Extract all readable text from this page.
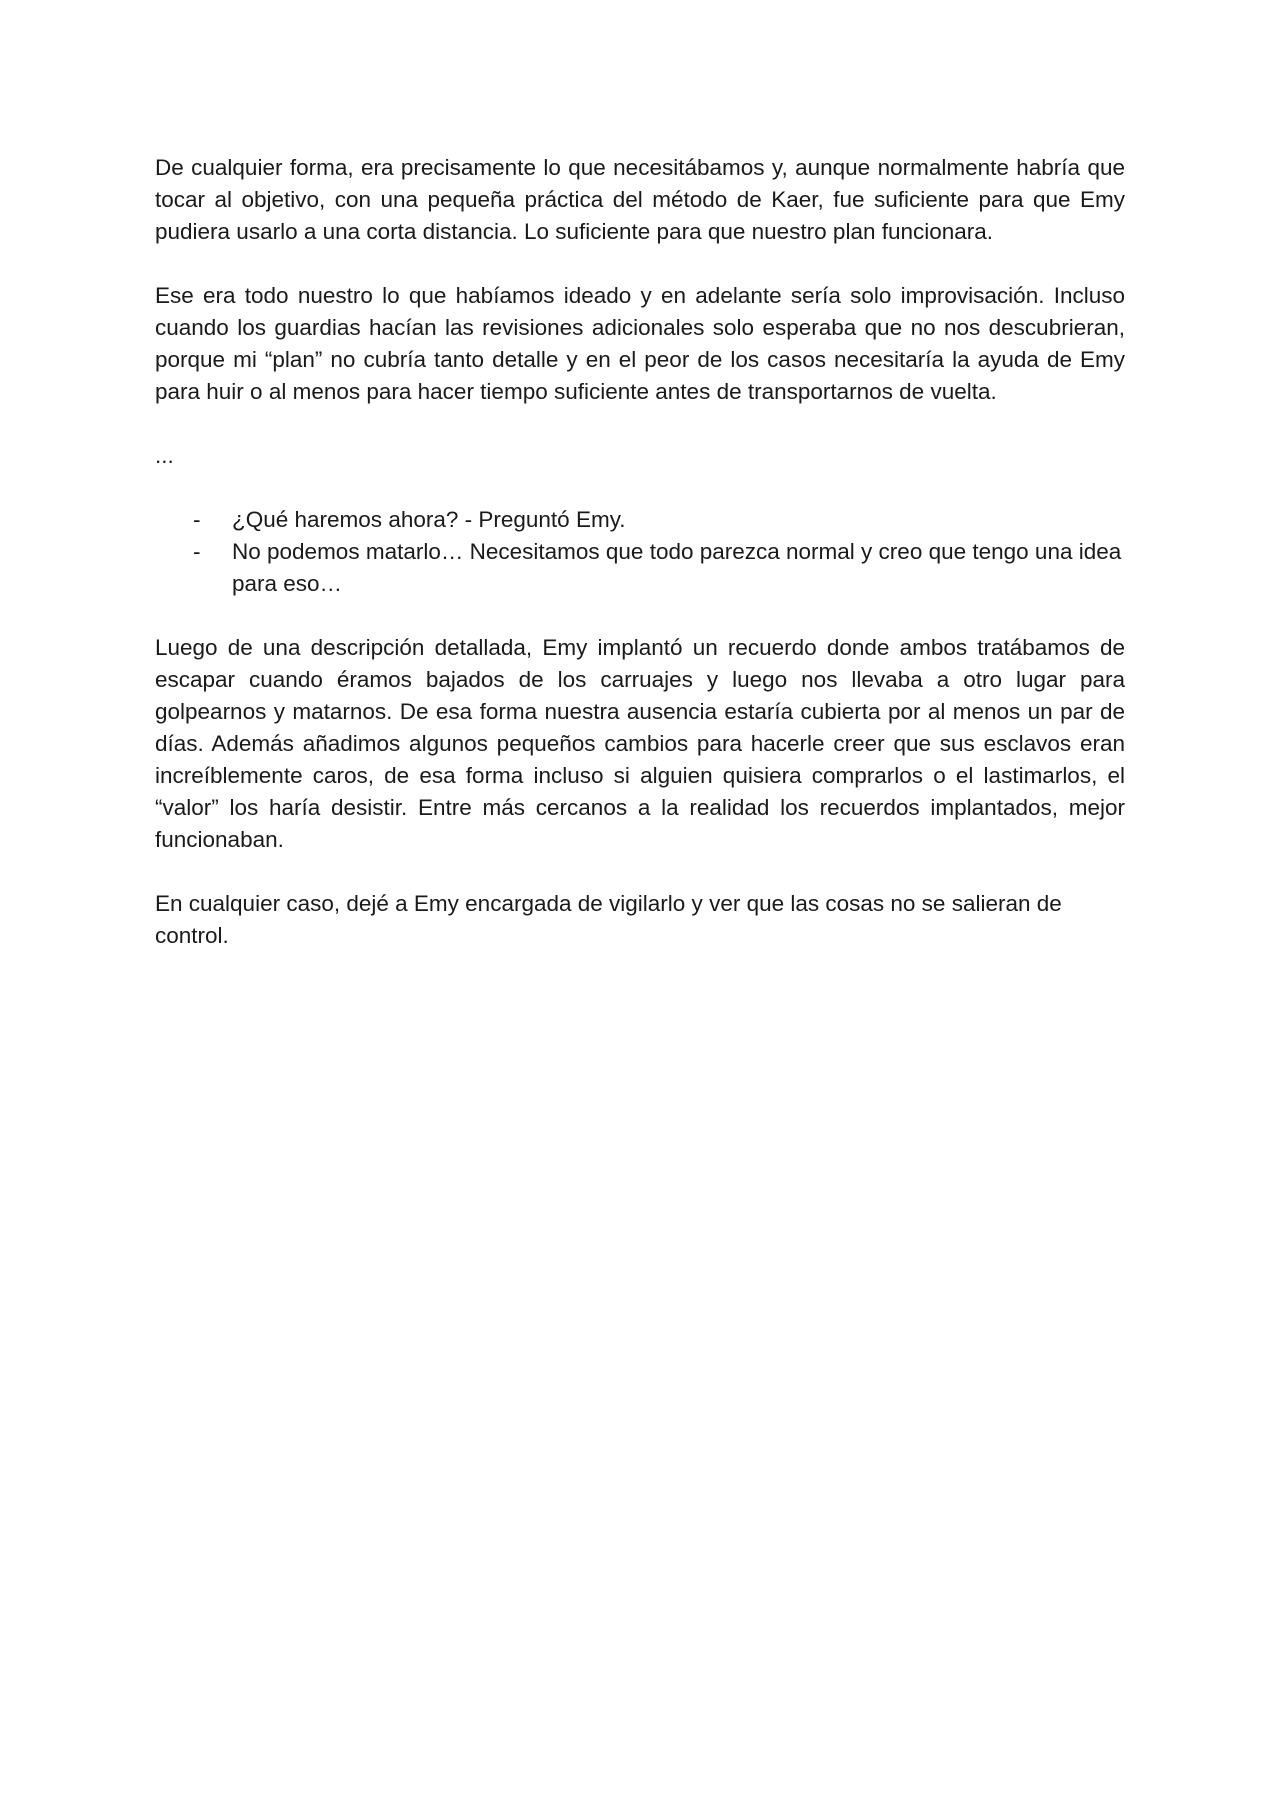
De cualquier forma, era precisamente lo que necesitábamos y, aunque normalmente habría que tocar al objetivo, con una pequeña práctica del método de Kaer, fue suficiente para que Emy pudiera usarlo a una corta distancia. Lo suficiente para que nuestro plan funcionara.

Ese era todo nuestro lo que habíamos ideado y en adelante sería solo improvisación. Incluso cuando los guardias hacían las revisiones adicionales solo esperaba que no nos descubrieran, porque mi “plan” no cubría tanto detalle y en el peor de los casos necesitaría la ayuda de Emy para huir o al menos para hacer tiempo suficiente antes de transportarnos de vuelta.

...

- ¿Qué haremos ahora? - Preguntó Emy.
- No podemos matarlo… Necesitamos que todo parezca normal y creo que tengo una idea para eso…

Luego de una descripción detallada, Emy implantó un recuerdo donde ambos tratábamos de escapar cuando éramos bajados de los carruajes y luego nos llevaba a otro lugar para golpearnos y matarnos. De esa forma nuestra ausencia estaría cubierta por al menos un par de días. Además añadimos algunos pequeños cambios para hacerle creer que sus esclavos eran increíblemente caros, de esa forma incluso si alguien quisiera comprarlos o el lastimarlos, el “valor” los haría desistir. Entre más cercanos a la realidad los recuerdos implantados, mejor funcionaban.

En cualquier caso, dejé a Emy encargada de vigilarlo y ver que las cosas no se salieran de control.
